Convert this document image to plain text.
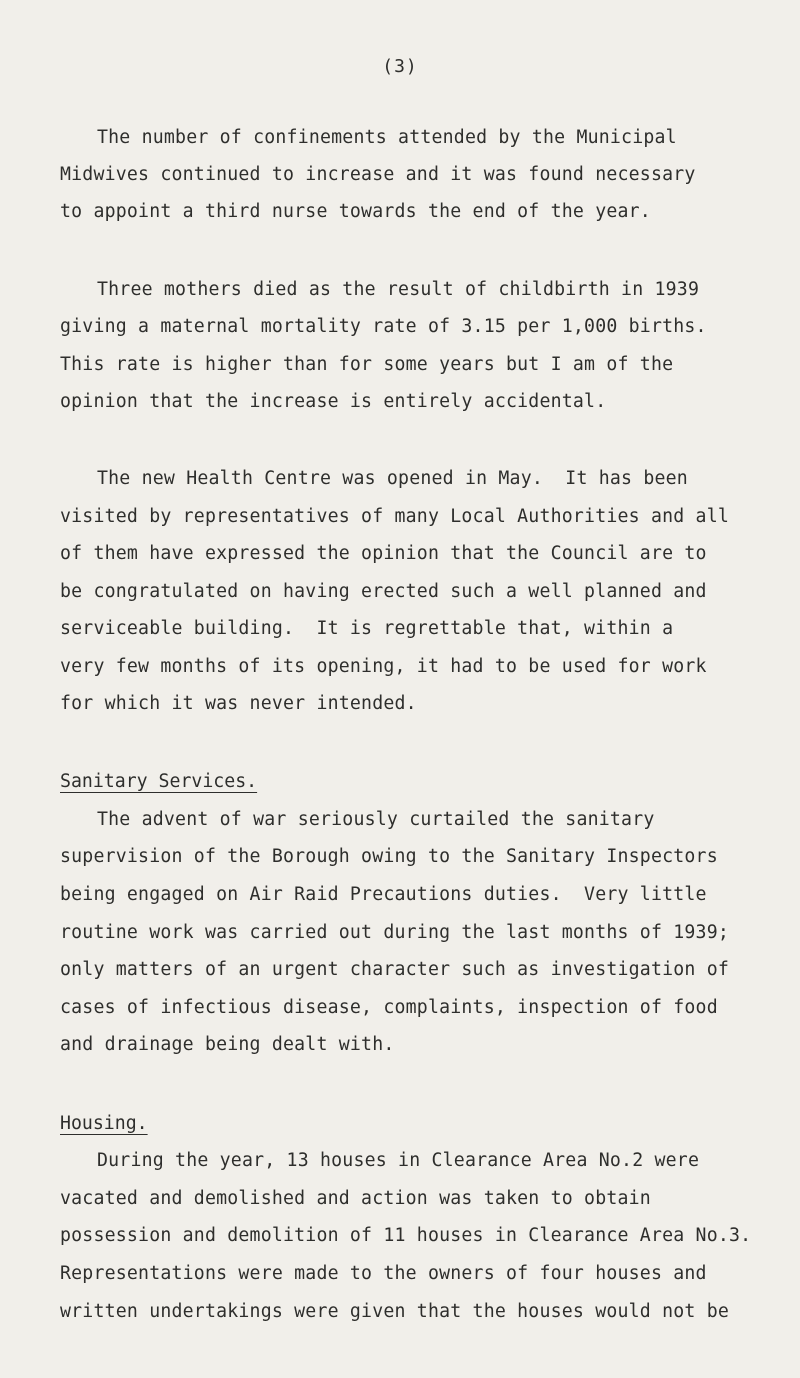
(3)
The number of confinements attended by the Municipal
Midwives continued to increase and it was found necessary
to appoint a third nurse towards the end of the year.
Three mothers died as the result of childbirth in 1939
giving a maternal mortality rate of 3.15 per 1,000 births.
This rate is higher than for some years but I am of the
opinion that the increase is entirely accidental.
The new Health Centre was opened in May.  It has been
visited by representatives of many Local Authorities and all
of them have expressed the opinion that the Council are to
be congratulated on having erected such a well planned and
serviceable building.  It is regrettable that, within a
very few months of its opening, it had to be used for work
for which it was never intended.
Sanitary Services.
The advent of war seriously curtailed the sanitary
supervision of the Borough owing to the Sanitary Inspectors
being engaged on Air Raid Precautions duties.  Very little
routine work was carried out during the last months of 1939;
only matters of an urgent character such as investigation of
cases of infectious disease, complaints, inspection of food
and drainage being dealt with.
Housing.
During the year, 13 houses in Clearance Area No.2 were
vacated and demolished and action was taken to obtain
possession and demolition of 11 houses in Clearance Area No.3.
Representations were made to the owners of four houses and
written undertakings were given that the houses would not be
